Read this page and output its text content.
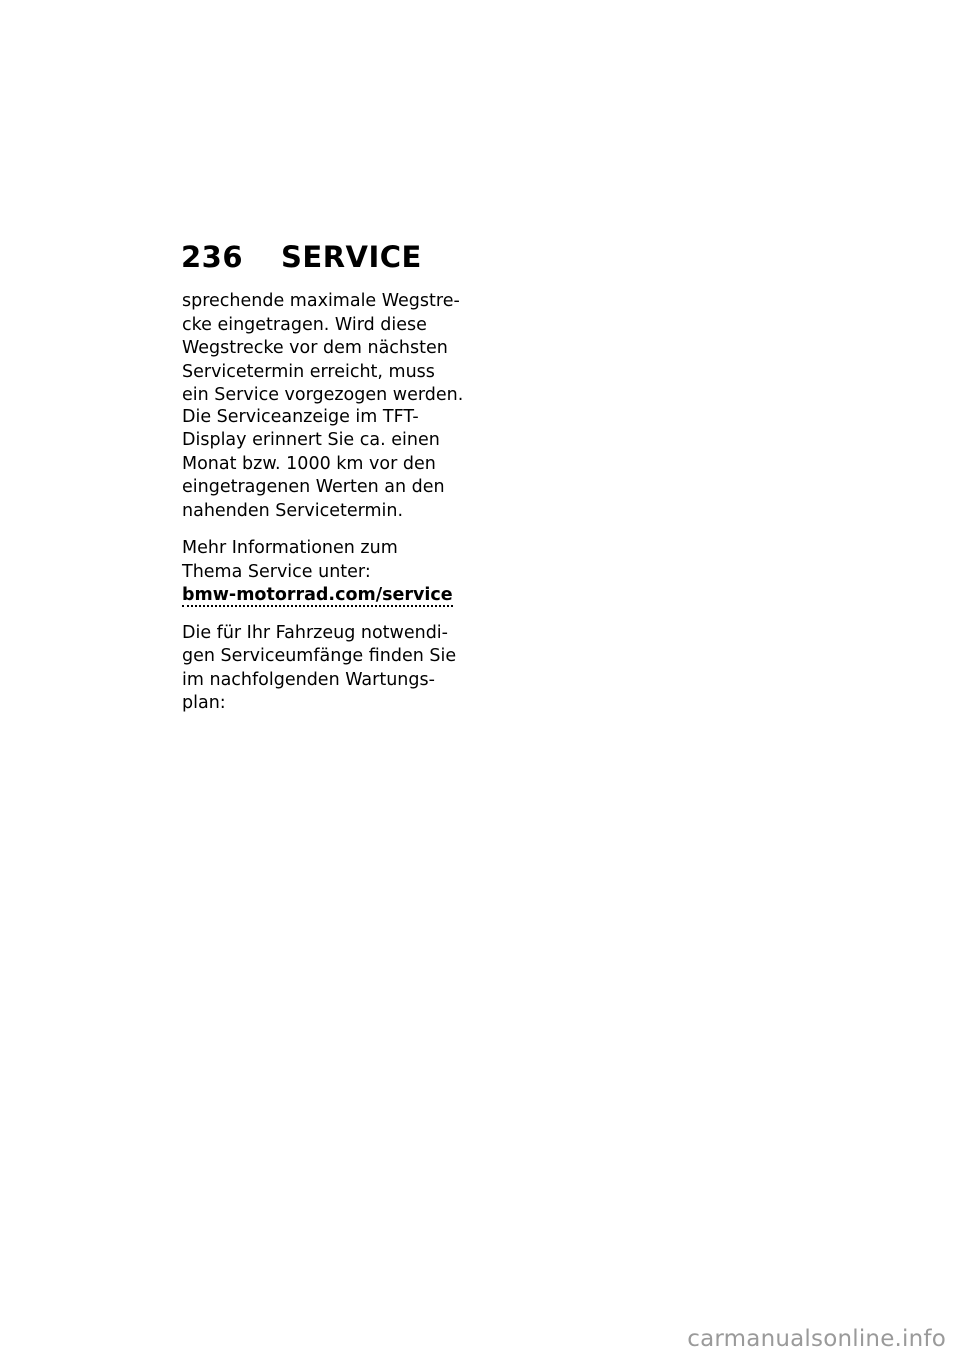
236 SERVICE

sprechende maximale Wegstre-
cke eingetragen. Wird diese
Wegstrecke vor dem nächsten
Servicetermin erreicht, muss
ein Service vorgezogen werden.

Die Serviceanzeige im TFT-
Display erinnert Sie ca. einen
Monat bzw. 1000 km vor den
eingetragenen Werten an den
nahenden Servicetermin.

Mehr Informationen zum
Thema Service unter:
bmw-motorrad.com/service

Die für Ihr Fahrzeug notwendi-
gen Serviceumfänge finden Sie
im nachfolgenden Wartungs-
plan:

carmanualsonline.info
